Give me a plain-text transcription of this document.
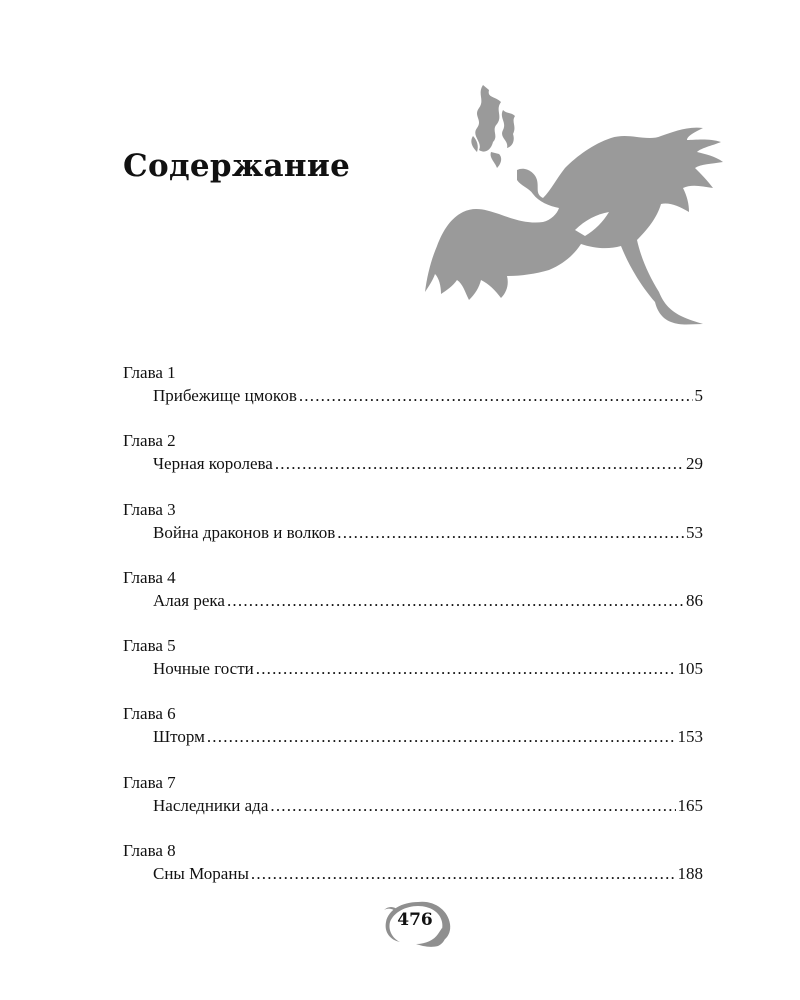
Содержание
Глава 1
Прибежище цмоков .....	5
Глава 2
Черная королева .....	29
Глава 3
Война драконов и волков .....	53
Глава 4
Алая река .....	86
Глава 5
Ночные гости .....	105
Глава 6
Шторм .....	153
Глава 7
Наследники ада .....	165
Глава 8
Сны Мораны .....	188
476
